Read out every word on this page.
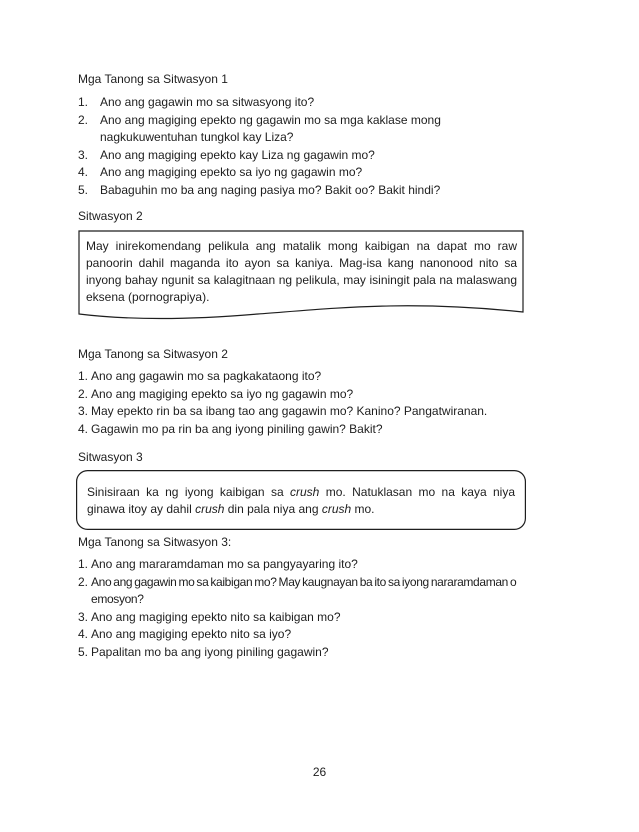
Mga Tanong sa Sitwasyon 1

1. Ano ang gagawin mo sa sitwasyong ito?
2. Ano ang magiging epekto ng gagawin mo sa mga kaklase mong nagkukuwentuhan tungkol kay Liza?
3. Ano ang magiging epekto kay Liza ng gagawin mo?
4. Ano ang magiging epekto sa iyo ng gagawin mo?
5. Babaguhin mo ba ang naging pasiya mo? Bakit oo? Bakit hindi?

Sitwasyon 2

May inirekomendang pelikula ang matalik mong kaibigan na dapat mo raw panoorin dahil maganda ito ayon sa kaniya. Mag-isa kang nanonood nito sa inyong bahay ngunit sa kalagitnaan ng pelikula, may isiningit pala na malaswang eksena (pornograpiya).

Mga Tanong sa Sitwasyon 2

1. Ano ang gagawin mo sa pagkakataong ito?
2. Ano ang magiging epekto sa iyo ng gagawin mo?
3. May epekto rin ba sa ibang tao ang gagawin mo? Kanino? Pangatwiranan.
4. Gagawin mo pa rin ba ang iyong piniling gawin? Bakit?

Sitwasyon 3

Sinisiraan ka ng iyong kaibigan sa crush mo. Natuklasan mo na kaya niya ginawa itoy ay dahil crush din pala niya ang crush mo.

Mga Tanong sa Sitwasyon 3:

1. Ano ang mararamdaman mo sa pangyayaring ito?
2. Ano ang gagawin mo sa kaibigan mo? May kaugnayan ba ito sa iyong nararamdaman o emosyon?
3. Ano ang magiging epekto nito sa kaibigan mo?
4. Ano ang magiging epekto nito sa iyo?
5. Papalitan mo ba ang iyong piniling gagawin?
26
